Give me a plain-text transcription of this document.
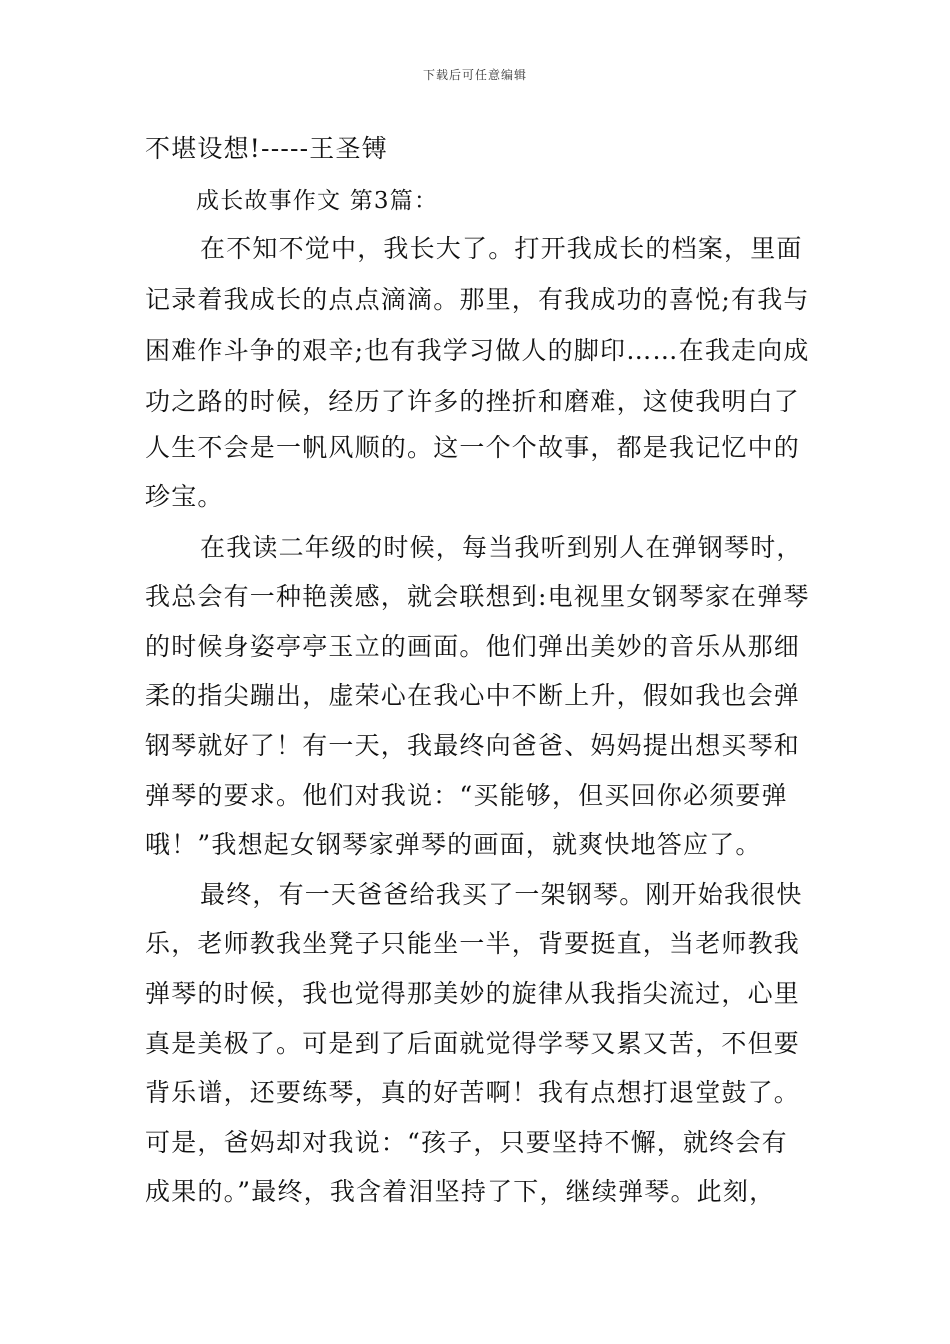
下载后可任意编辑
不堪设想!-----王圣镈
成长故事作文 第3篇：
在不知不觉中，我长大了。打开我成长的档案，里面
记录着我成长的点点滴滴。那里，有我成功的喜悦;有我与
困难作斗争的艰辛;也有我学习做人的脚印……在我走向成
功之路的时候，经历了许多的挫折和磨难，这使我明白了
人生不会是一帆风顺的。这一个个故事，都是我记忆中的
珍宝。
在我读二年级的时候，每当我听到别人在弹钢琴时，
我总会有一种艳羡感，就会联想到:电视里女钢琴家在弹琴
的时候身姿亭亭玉立的画面。他们弹出美妙的音乐从那细
柔的指尖蹦出，虚荣心在我心中不断上升，假如我也会弹
钢琴就好了！有一天，我最终向爸爸、妈妈提出想买琴和
弹琴的要求。他们对我说：“买能够，但买回你必须要弹
哦！”我想起女钢琴家弹琴的画面，就爽快地答应了。
最终，有一天爸爸给我买了一架钢琴。刚开始我很快
乐，老师教我坐凳子只能坐一半，背要挺直，当老师教我
弹琴的时候，我也觉得那美妙的旋律从我指尖流过，心里
真是美极了。可是到了后面就觉得学琴又累又苦，不但要
背乐谱，还要练琴，真的好苦啊！我有点想打退堂鼓了。
可是，爸妈却对我说：“孩子，只要坚持不懈，就终会有
成果的。”最终，我含着泪坚持了下，继续弹琴。此刻，
